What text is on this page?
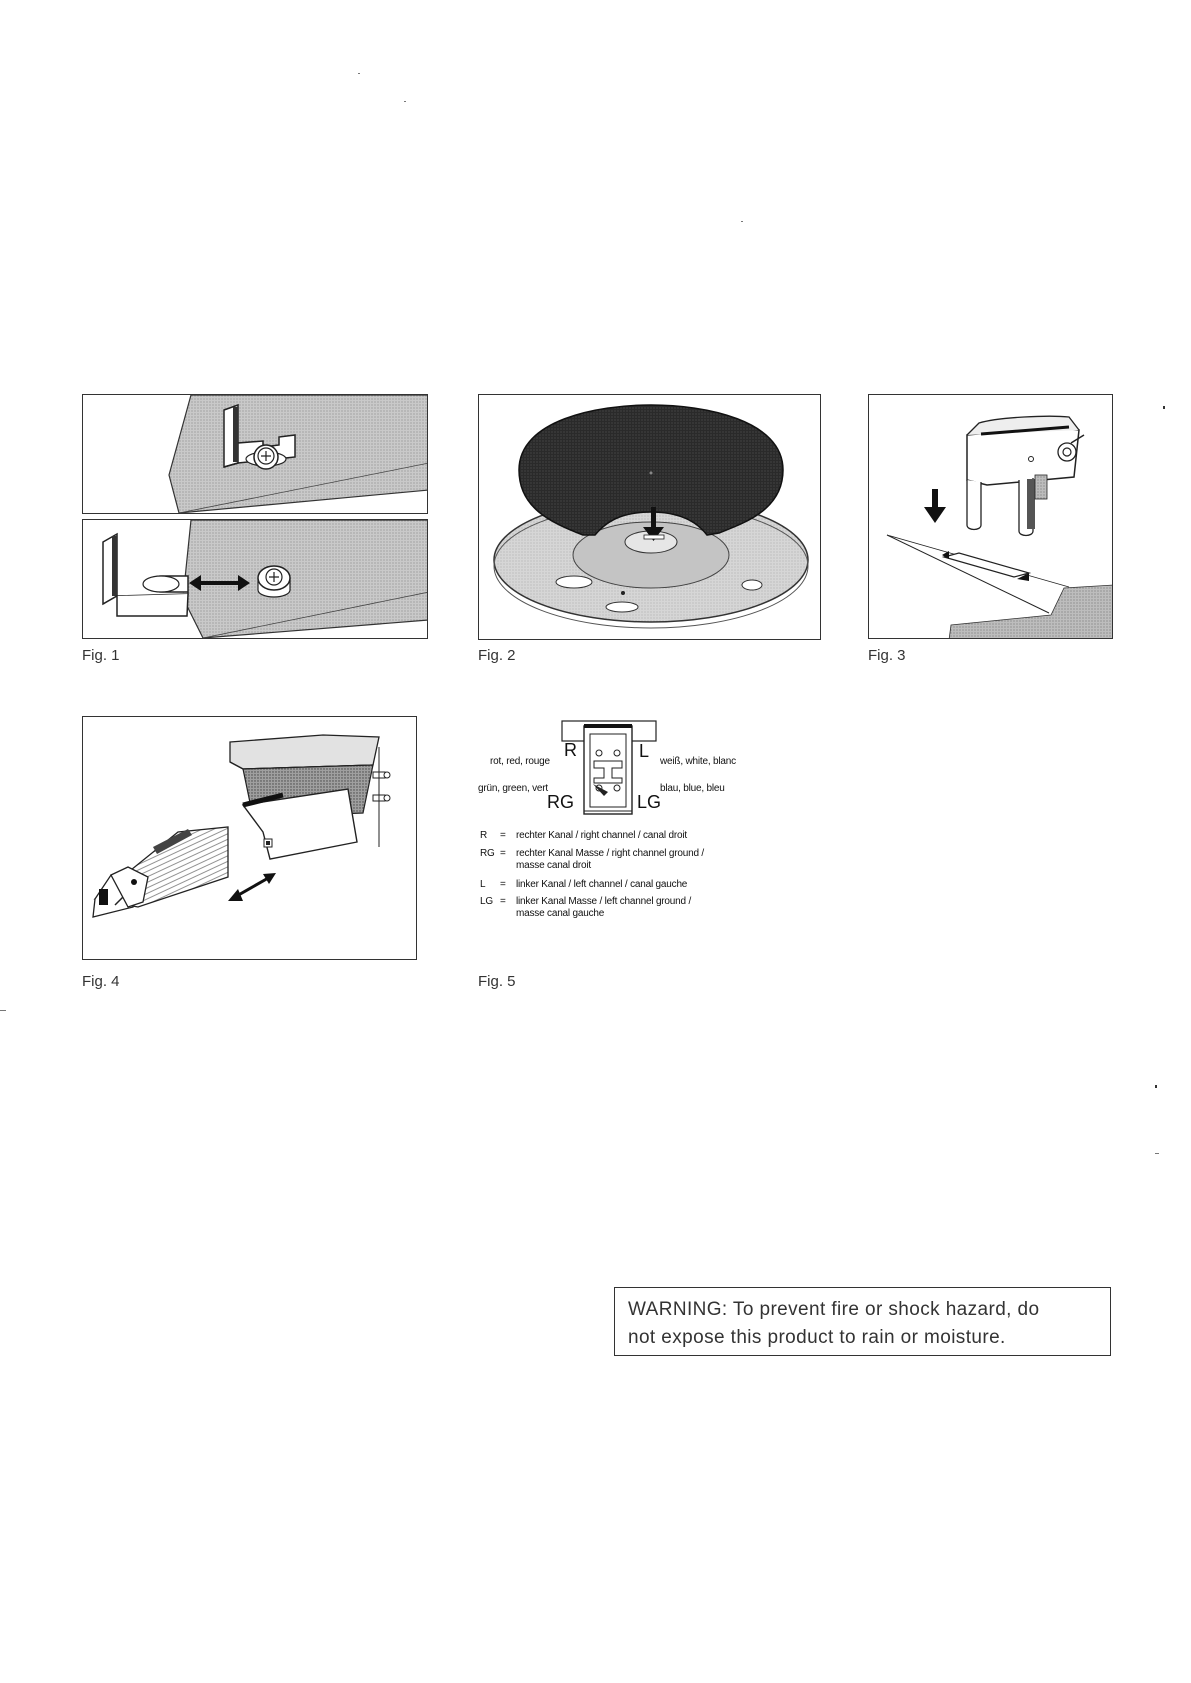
Fig. 1	Fig. 2	Fig. 3
Fig. 4
R	L
RG	LG
rot, red, rouge	weiß, white, blanc
grün, green, vert	blau, blue, bleu
R	= rechter Kanal / right channel / canal droit
RG = rechter Kanal Masse / right channel ground /
masse canal droit
L	= linker Kanal / left channel / canal gauche
LG = linker Kanal Masse / left channel ground /
masse canal gauche
Fig. 5
WARNING: To prevent fire or shock hazard, do
not expose this product to rain or moisture.
